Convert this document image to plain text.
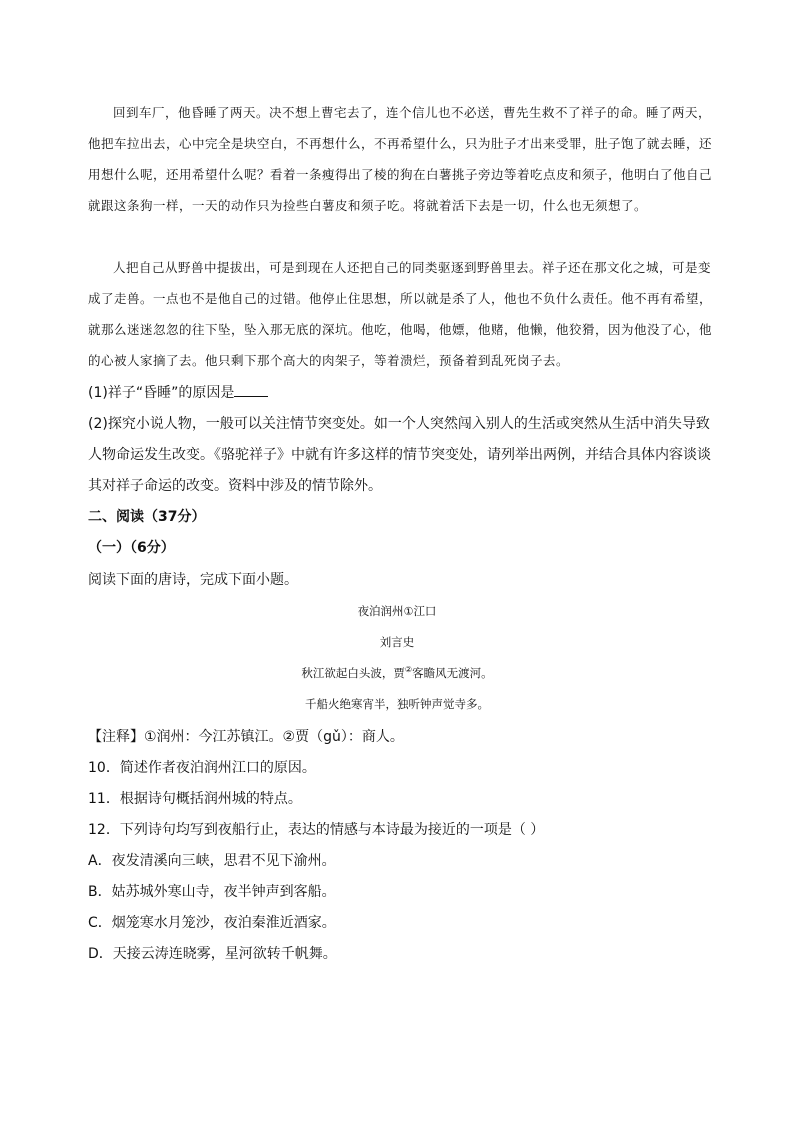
回到车厂，他昏睡了两天。决不想上曹宅去了，连个信儿也不必送，曹先生救不了祥子的命。睡了两天，他把车拉出去，心中完全是块空白，不再想什么，不再希望什么，只为肚子才出来受罪，肚子饱了就去睡，还用想什么呢，还用希望什么呢？看着一条瘦得出了棱的狗在白薯挑子旁边等着吃点皮和须子，他明白了他自己就跟这条狗一样，一天的动作只为捡些白薯皮和须子吃。将就着活下去是一切，什么也无须想了。

人把自己从野兽中提拔出，可是到现在人还把自己的同类驱逐到野兽里去。祥子还在那文化之城，可是变成了走兽。一点也不是他自己的过错。他停止住思想，所以就是杀了人，他也不负什么责任。他不再有希望，就那么迷迷忽忽的往下坠，坠入那无底的深坑。他吃，他喝，他嫖，他赌，他懒，他狡猾，因为他没了心，他的心被人家摘了去。他只剩下那个高大的肉架子，等着溃烂，预备着到乱死岗子去。

(1)祥子“昏睡”的原因是
(2)探究小说人物，一般可以关注情节突变处。如一个人突然闯入别人的生活或突然从生活中消失导致人物命运发生改变。《骆驼祥子》中就有许多这样的情节突变处，请列举出两例，并结合具体内容谈谈其对祥子命运的改变。资料中涉及的情节除外。
二、阅读（37分）
（一）（6分）
阅读下面的唐诗，完成下面小题。
夜泊润州①江口
刘言史
秋江欲起白头波，贾②客瞻风无渡河。
千船火绝寒宵半，独听钟声觉寺多。
【注释】①润州：今江苏镇江。②贾（gǔ）：商人。
10．简述作者夜泊润州江口的原因。
11．根据诗句概括润州城的特点。
12．下列诗句均写到夜船行止，表达的情感与本诗最为接近的一项是（ ）
A．夜发清溪向三峡，思君不见下渝州。
B．姑苏城外寒山寺，夜半钟声到客船。
C．烟笼寒水月笼沙，夜泊秦淮近酒家。
D．天接云涛连晓雾，星河欲转千帆舞。
